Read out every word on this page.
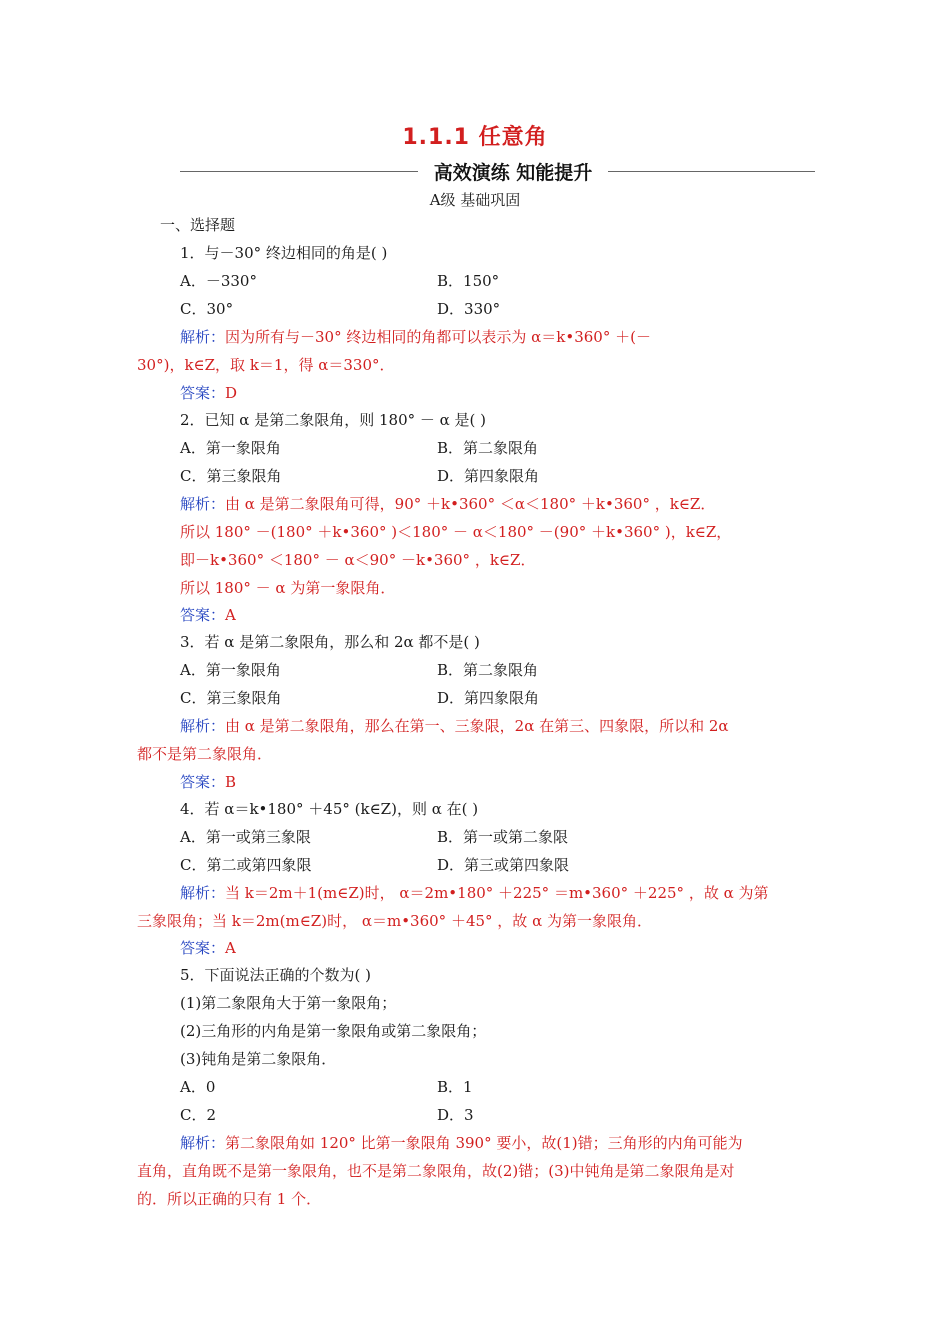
1.1.1 任意角
高效演练 知能提升
A级 基础巩固
一、选择题
1．与－30° 终边相同的角是( )
A．－330°	B．150°
C．30°	D．330°
解析：因为所有与－30° 终边相同的角都可以表示为 α＝k•360° ＋(－
30°)，k∈Z，取 k＝1，得 α＝330°．
答案：D
2．已知 α 是第二象限角，则 180° － α 是( )
A．第一象限角	B．第二象限角
C．第三象限角	D．第四象限角
解析：由 α 是第二象限角可得，90° ＋k•360° ＜α＜180° ＋k•360° ，k∈Z．
所以 180° －(180° ＋k•360° )＜180° － α＜180° －(90° ＋k•360° )，k∈Z，
即－k•360° ＜180° － α＜90° －k•360° ，k∈Z．
所以 180° － α 为第一象限角．
答案：A
3．若 α 是第二象限角，那么和 2α 都不是( )
A．第一象限角	B．第二象限角
C．第三象限角	D．第四象限角
解析：由 α 是第二象限角，那么在第一、三象限，2α 在第三、四象限，所以和 2α
都不是第二象限角．
答案：B
4．若 α＝k•180° ＋45° (k∈Z)，则 α 在( )
A．第一或第三象限	B．第一或第二象限
C．第二或第四象限	D．第三或第四象限
解析：当 k＝2m＋1(m∈Z)时， α＝2m•180° ＋225° ＝m•360° ＋225° ，故 α 为第
三象限角；当 k＝2m(m∈Z)时， α＝m•360° ＋45° ，故 α 为第一象限角．
答案：A
5．下面说法正确的个数为( )
(1)第二象限角大于第一象限角；
(2)三角形的内角是第一象限角或第二象限角；
(3)钝角是第二象限角．
A．0	B．1
C．2	D．3
解析：第二象限角如 120° 比第一象限角 390° 要小，故(1)错；三角形的内角可能为
直角，直角既不是第一象限角，也不是第二象限角，故(2)错；(3)中钝角是第二象限角是对
的．所以正确的只有 1 个．
